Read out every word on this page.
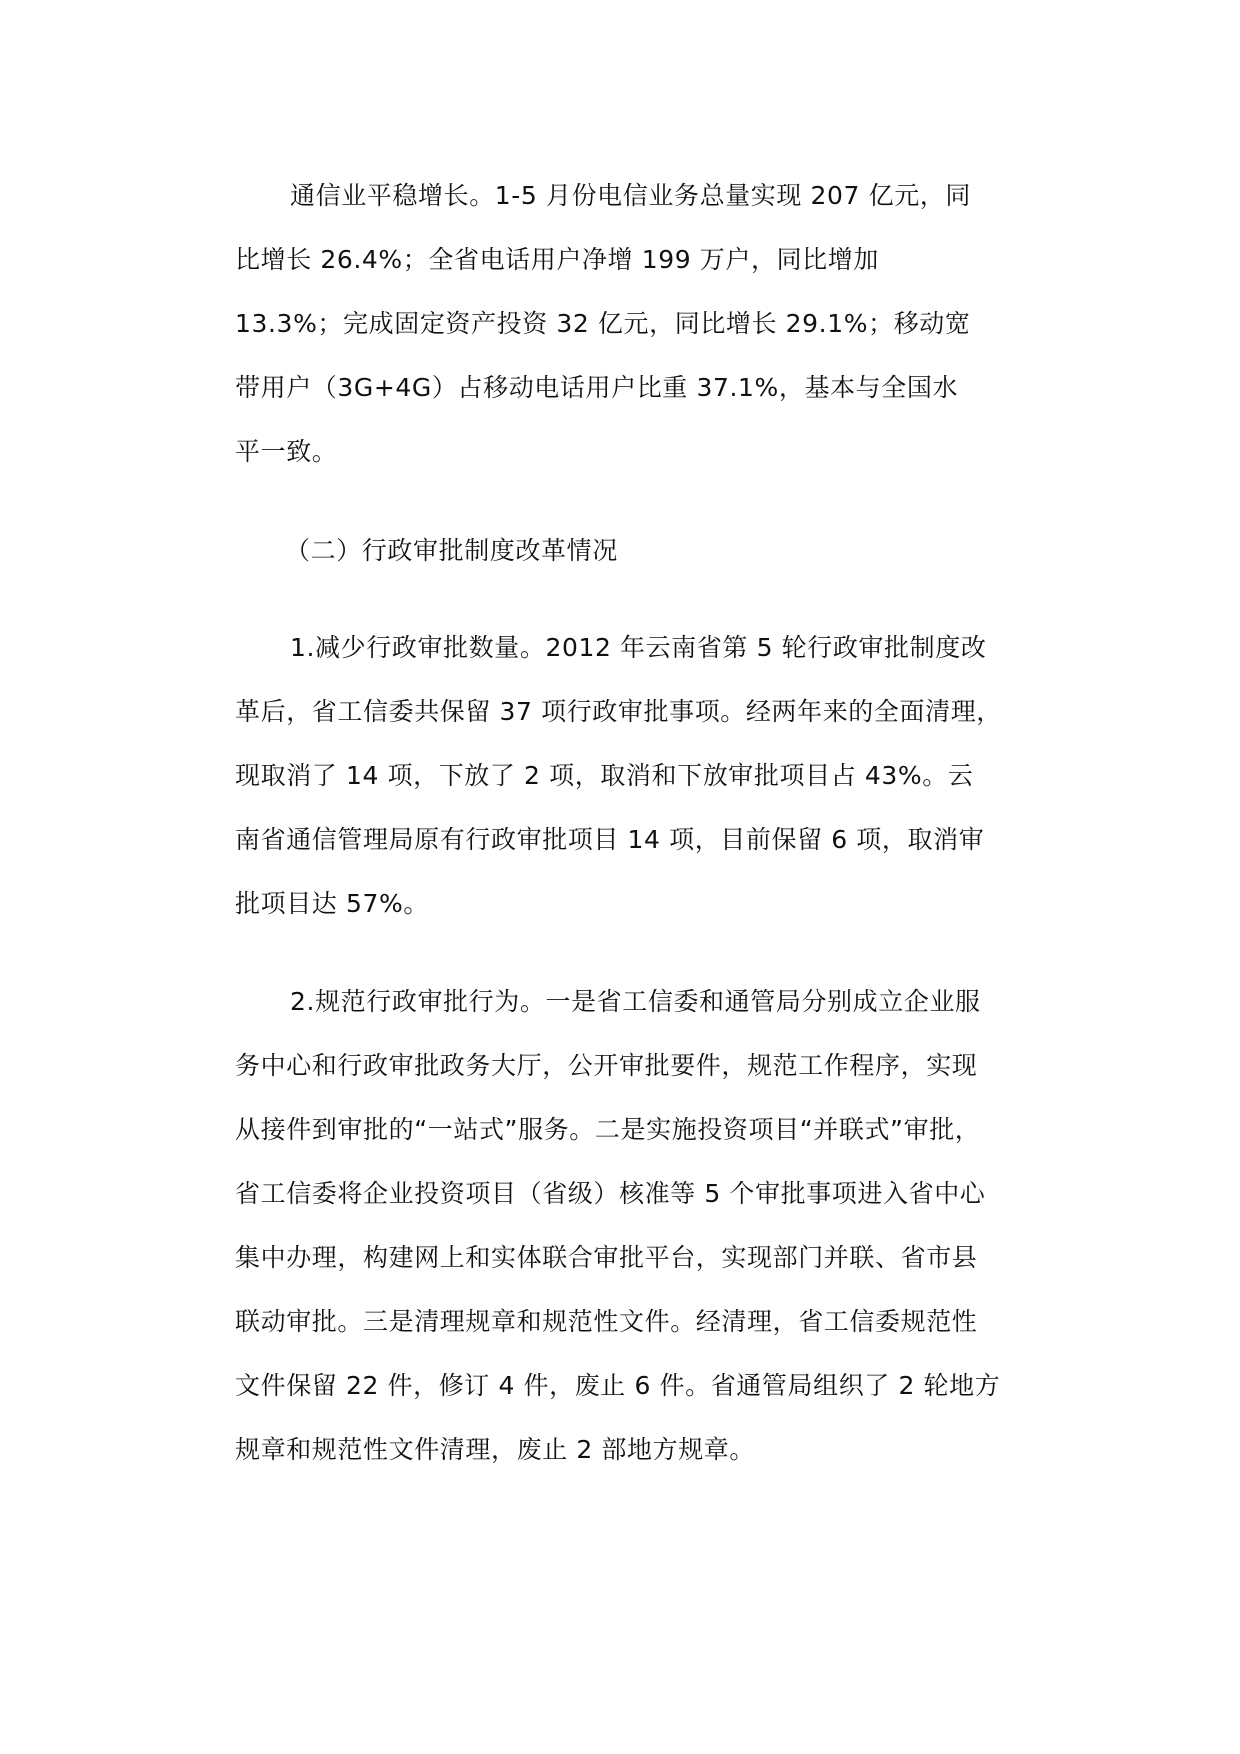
通信业平稳增长。1-5 月份电信业务总量实现 207 亿元，同
比增长 26.4%；全省电话用户净增 199 万户，同比增加
13.3%；完成固定资产投资 32 亿元，同比增长 29.1%；移动宽
带用户（3G+4G）占移动电话用户比重 37.1%，基本与全国水
平一致。
（二）行政审批制度改革情况
1.减少行政审批数量。2012 年云南省第 5 轮行政审批制度改
革后，省工信委共保留 37 项行政审批事项。经两年来的全面清理，
现取消了 14 项，下放了 2 项，取消和下放审批项目占 43%。云
南省通信管理局原有行政审批项目 14 项，目前保留 6 项，取消审
批项目达 57%。
2.规范行政审批行为。一是省工信委和通管局分别成立企业服
务中心和行政审批政务大厅，公开审批要件，规范工作程序，实现
从接件到审批的“一站式”服务。二是实施投资项目“并联式”审批，
省工信委将企业投资项目（省级）核准等 5 个审批事项进入省中心
集中办理，构建网上和实体联合审批平台，实现部门并联、省市县
联动审批。三是清理规章和规范性文件。经清理，省工信委规范性
文件保留 22 件，修订 4 件，废止 6 件。省通管局组织了 2 轮地方
规章和规范性文件清理，废止 2 部地方规章。
